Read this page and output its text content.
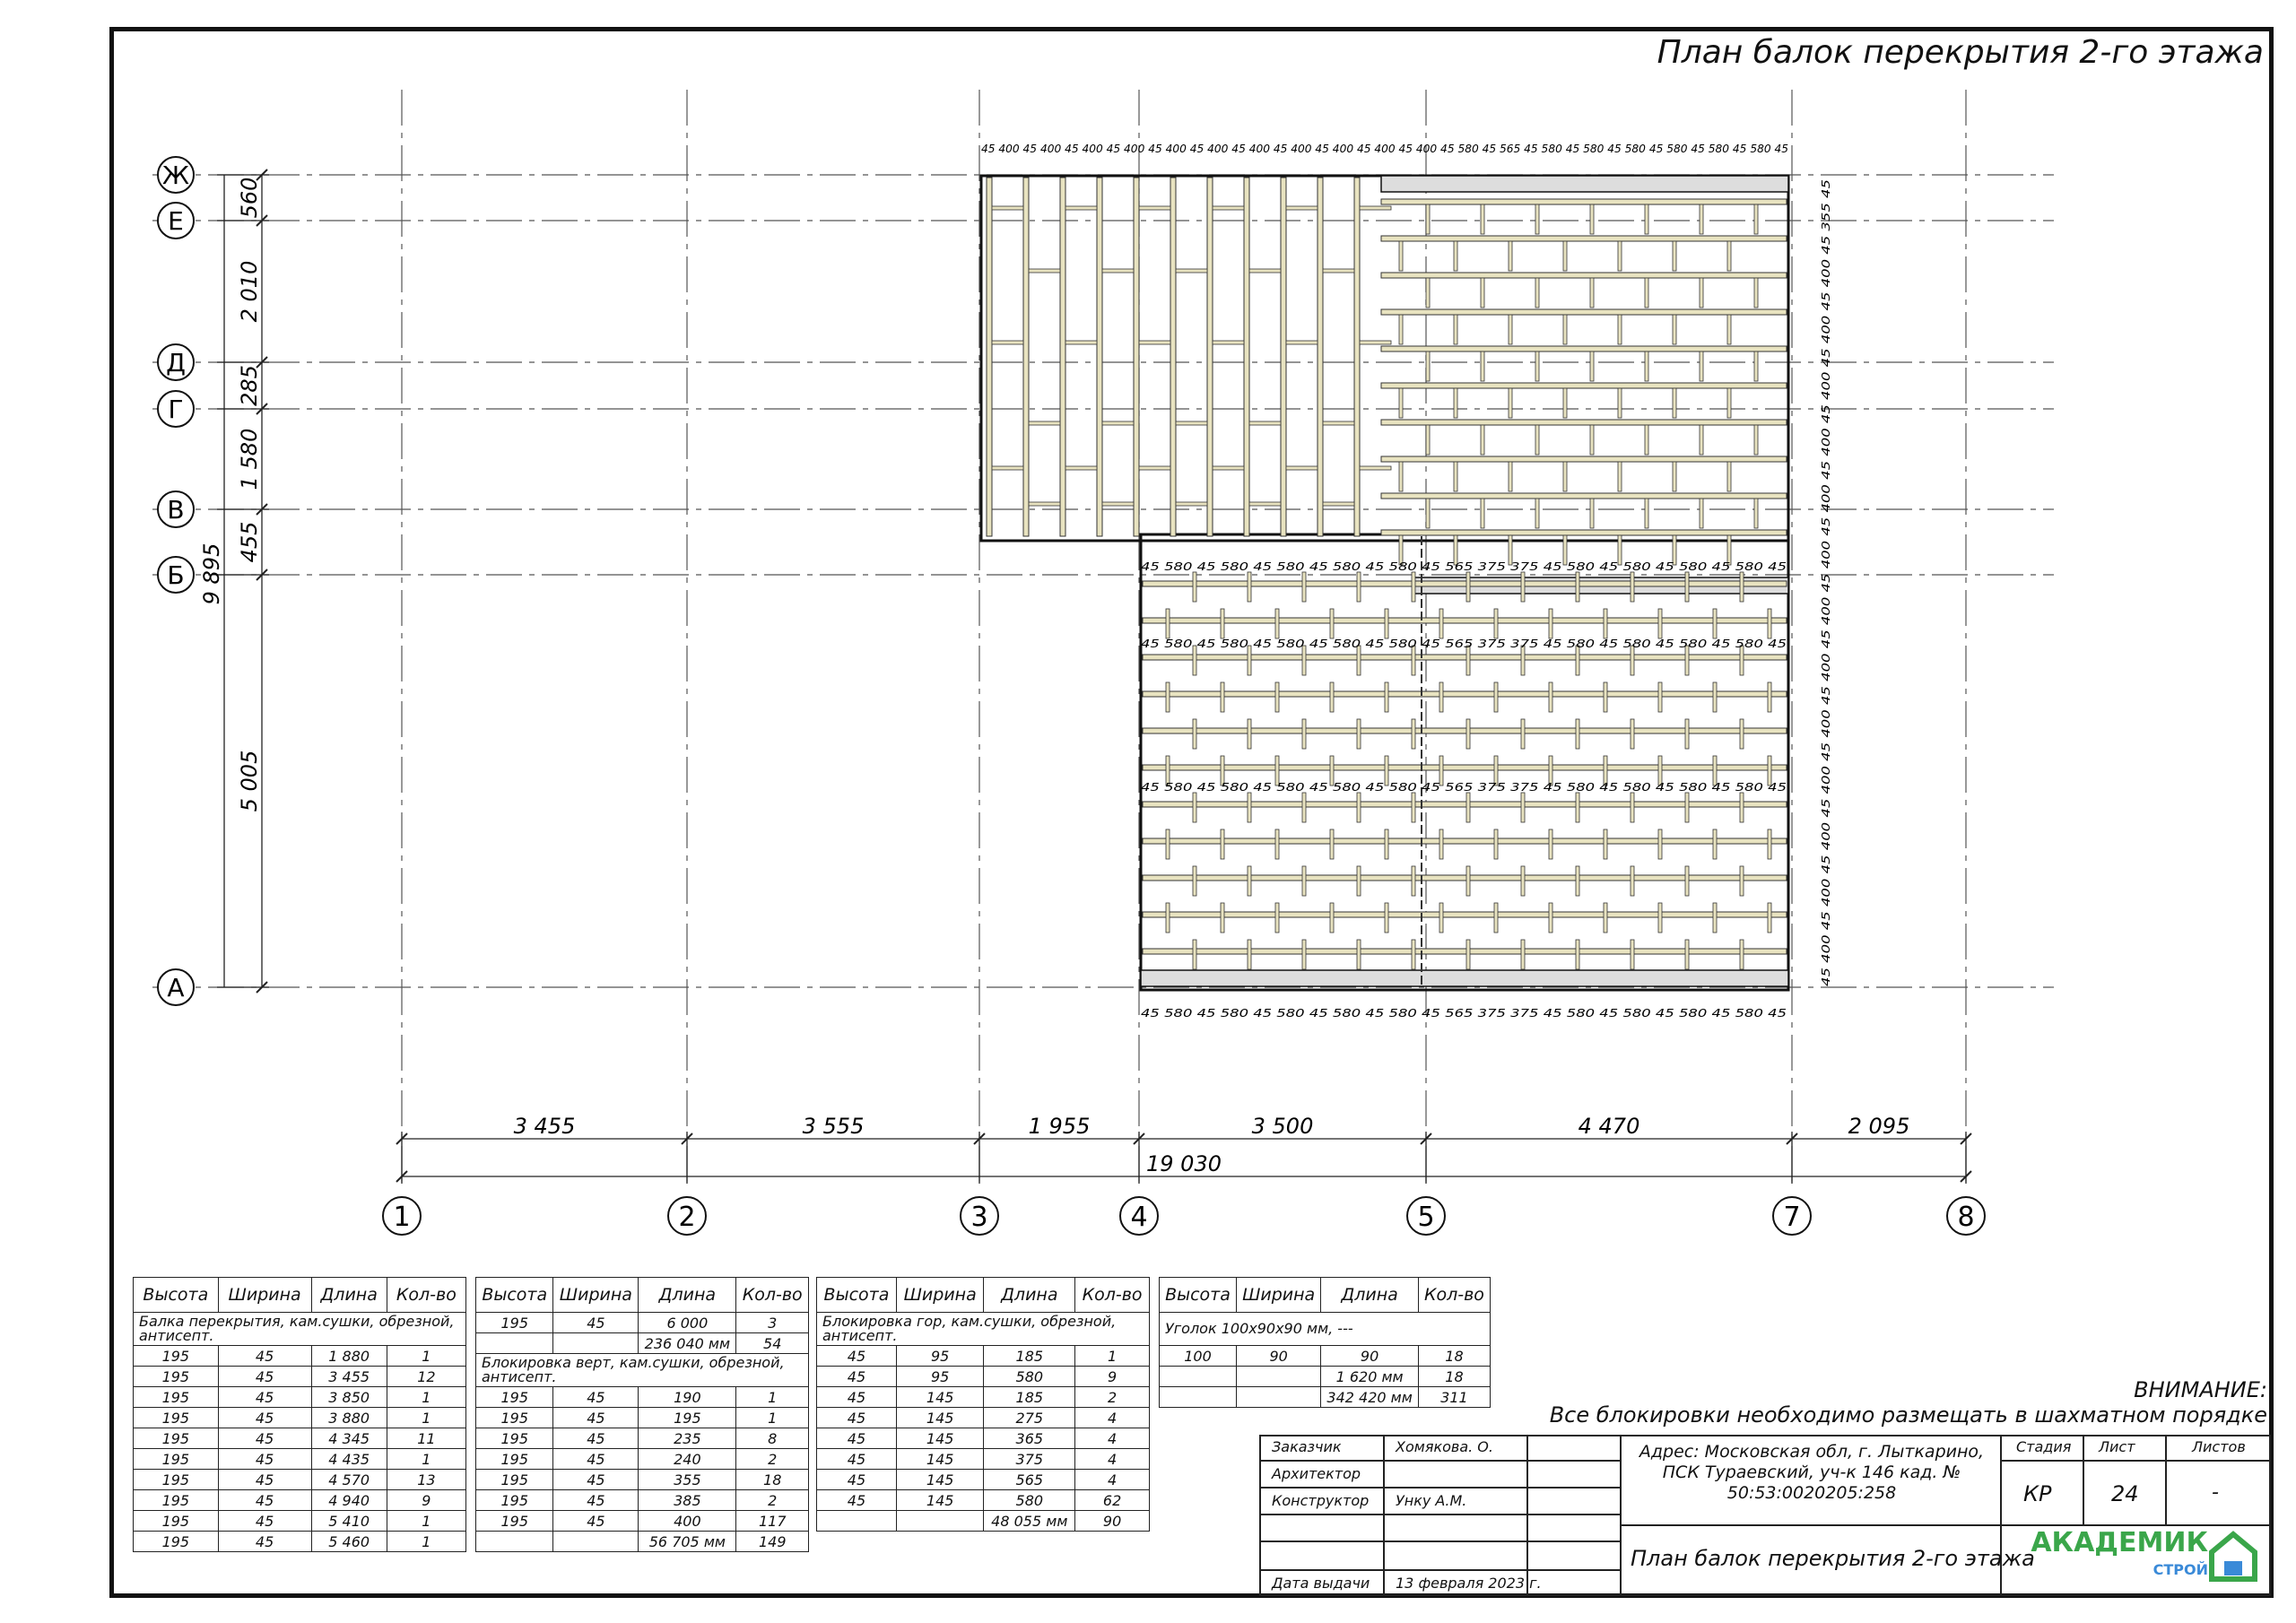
План балок перекрытия 2-го этажа
Ж
Е
Д
Г
В
Б
А
1	2	3	4	5	7	8
3 455	3 555	1 955	3 500	4 470	2 095
19 030
560
2 010
285
1 580
455
5 005
9 895
45 400 45 400 45 400 45 400 45 400 45 400 45 400 45 400 45 400 45 400 45 400 45 580 45 565 45 580 45 580 45 580 45 580 45 580 45 580 45
45 580 45 580 45 580 45 580 45 580 45 565 375 375 45 580 45 580 45 580 45 580 45
45 580 45 580 45 580 45 580 45 580 45 565 375 375 45 580 45 580 45 580 45 580 45
45 580 45 580 45 580 45 580 45 580 45 565 375 375 45 580 45 580 45 580 45 580 45
45 580 45 580 45 580 45 580 45 580 45 565 375 375 45 580 45 580 45 580 45 580 45
45 400 45 400 45 400 45 400 45 400 45 400 45 400 45 400 45 400 45 400 45 400 45 400 45 400 45 355 45
Высота	Ширина	Длина	Кол-во
Балка перекрытия, кам.сушки, обрезной, антисепт.			
195	45	1 880	1
195	45	3 455	12
195	45	3 850	1
195	45	3 880	1
195	45	4 345	11
195	45	4 435	1
195	45	4 570	13
195	45	4 940	9
195	45	5 410	1
195	45	5 460	1
Высота	Ширина	Длина	Кол-во
195	45	6 000	3
		236 040 мм	54
Блокировка верт, кам.сушки, обрезной, антисепт.			
195	45	190	1
195	45	195	1
195	45	235	8
195	45	240	2
195	45	355	18
195	45	385	2
195	45	400	117
		56 705 мм	149
Высота	Ширина	Длина	Кол-во
Блокировка гор, кам.сушки, обрезной, антисепт.			
45	95	185	1
45	95	580	9
45	145	185	2
45	145	275	4
45	145	365	4
45	145	375	4
45	145	565	4
45	145	580	62
		48 055 мм	90
Высота	Ширина	Длина	Кол-во
Уголок 100х90х90 мм, ---			
100	90	90	18
		1 620 мм	18
		342 420 мм	311	ВНИМАНИЕ:
Все блокировки необходимо размещать в шахматном порядке
Заказчик	Хомякова. О.
Архитектор
Конструктор Унку А.М.
Дата выдачи 13 февраля 2023 г.
Адрес: Московская обл, г. Лыткарино, ПСК Тураевский, уч-к 146 кад. № 50:53:0020205:258
План балок перекрытия 2-го этажа
Стадия Лист	Листов
КР	24	-
АКАДЕМИК
СТРОЙ
